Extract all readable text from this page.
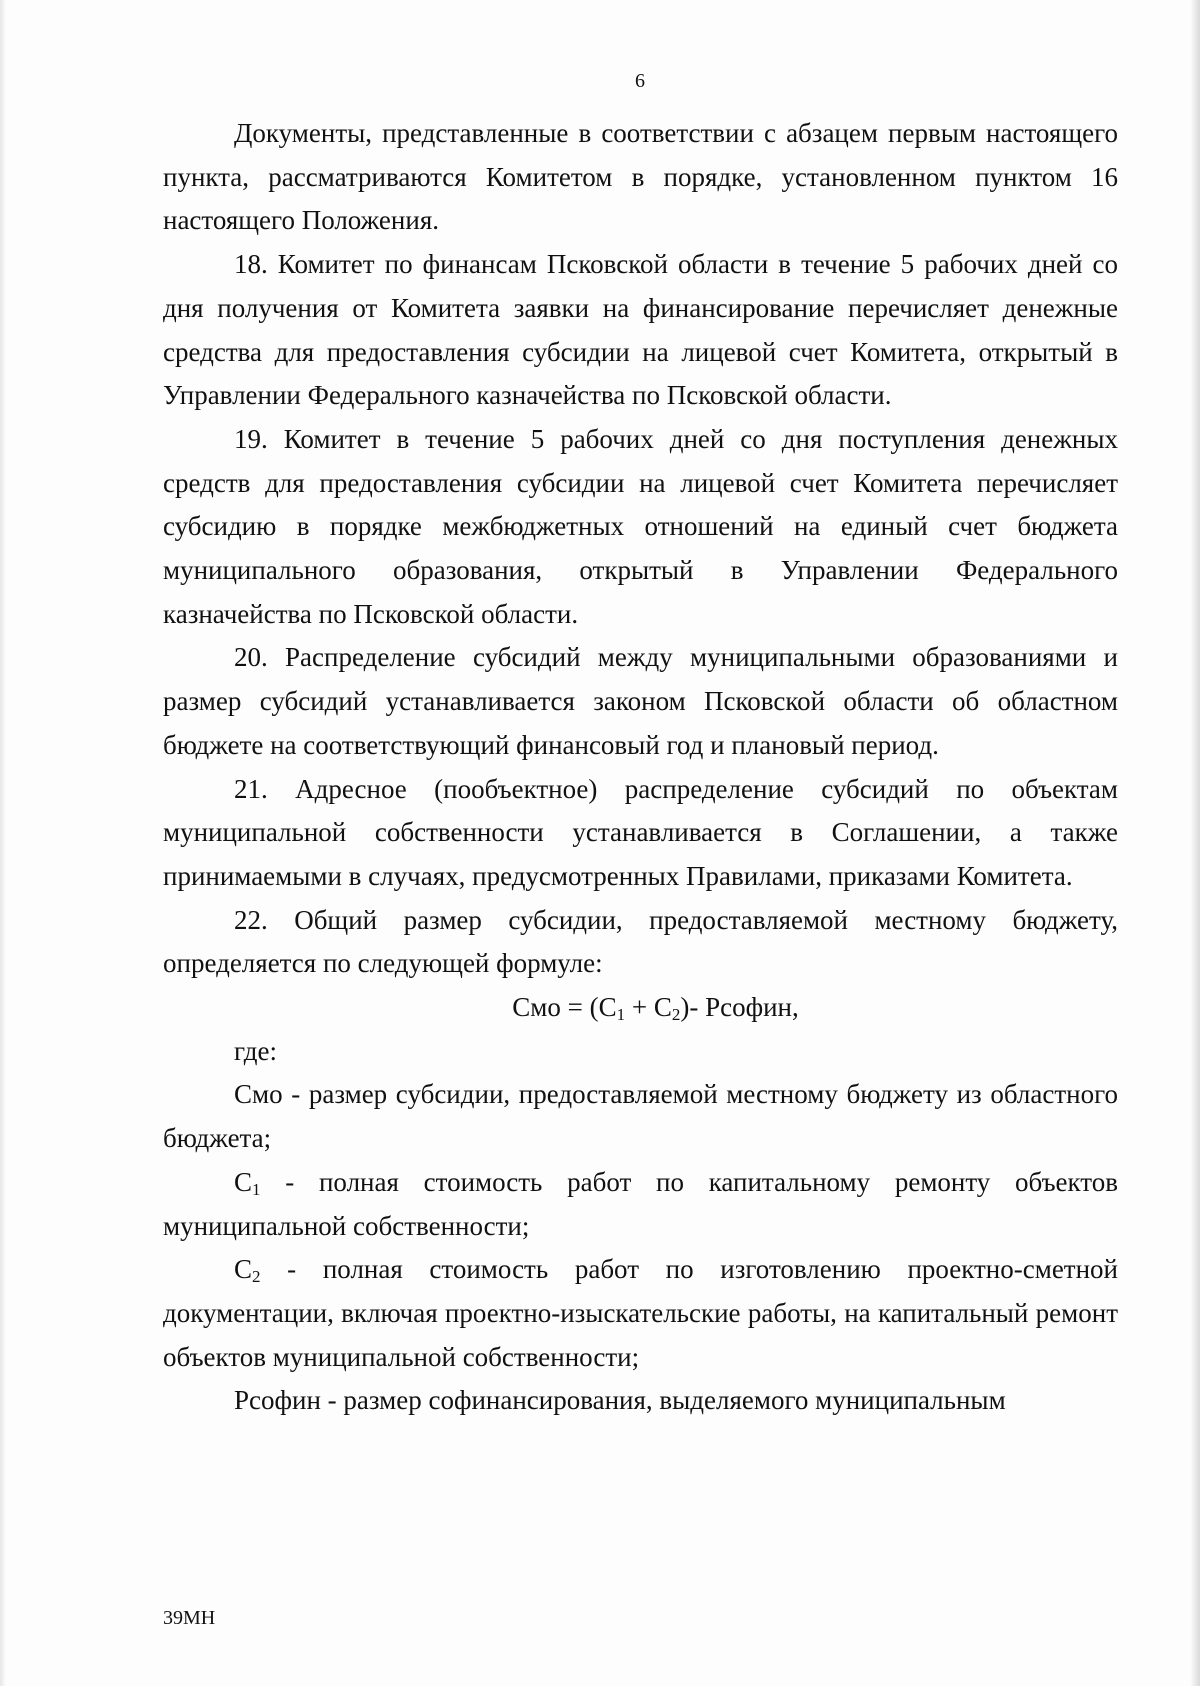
6

Документы, представленные в соответствии с абзацем первым настоящего пункта, рассматриваются Комитетом в порядке, установленном пунктом 16 настоящего Положения.

18. Комитет по финансам Псковской области в течение 5 рабочих дней со дня получения от Комитета заявки на финансирование перечисляет денежные средства для предоставления субсидии на лицевой счет Комитета, открытый в Управлении Федерального казначейства по Псковской области.

19. Комитет в течение 5 рабочих дней со дня поступления денежных средств для предоставления субсидии на лицевой счет Комитета перечисляет субсидию в порядке межбюджетных отношений на единый счет бюджета муниципального образования, открытый в Управлении Федерального казначейства по Псковской области.

20. Распределение субсидий между муниципальными образованиями и размер субсидий устанавливается законом Псковской области об областном бюджете на соответствующий финансовый год и плановый период.

21. Адресное (пообъектное) распределение субсидий по объектам муниципальной собственности устанавливается в Соглашении, а также принимаемыми в случаях, предусмотренных Правилами, приказами Комитета.

22. Общий размер субсидии, предоставляемой местному бюджету, определяется по следующей формуле:

Смо = $(С_1 + С_2)-$ Рсофин,

где:

Смо - размер субсидии, предоставляемой местному бюджету из областного бюджета;

$С_1$ - полная стоимость работ по капитальному ремонту объектов муниципальной собственности;

$С_2$ - полная стоимость работ по изготовлению проектно-сметной документации, включая проектно-изыскательские работы, на капитальный ремонт объектов муниципальной собственности;

Рсофин - размер софинансирования, выделяемого муниципальным

39МН
